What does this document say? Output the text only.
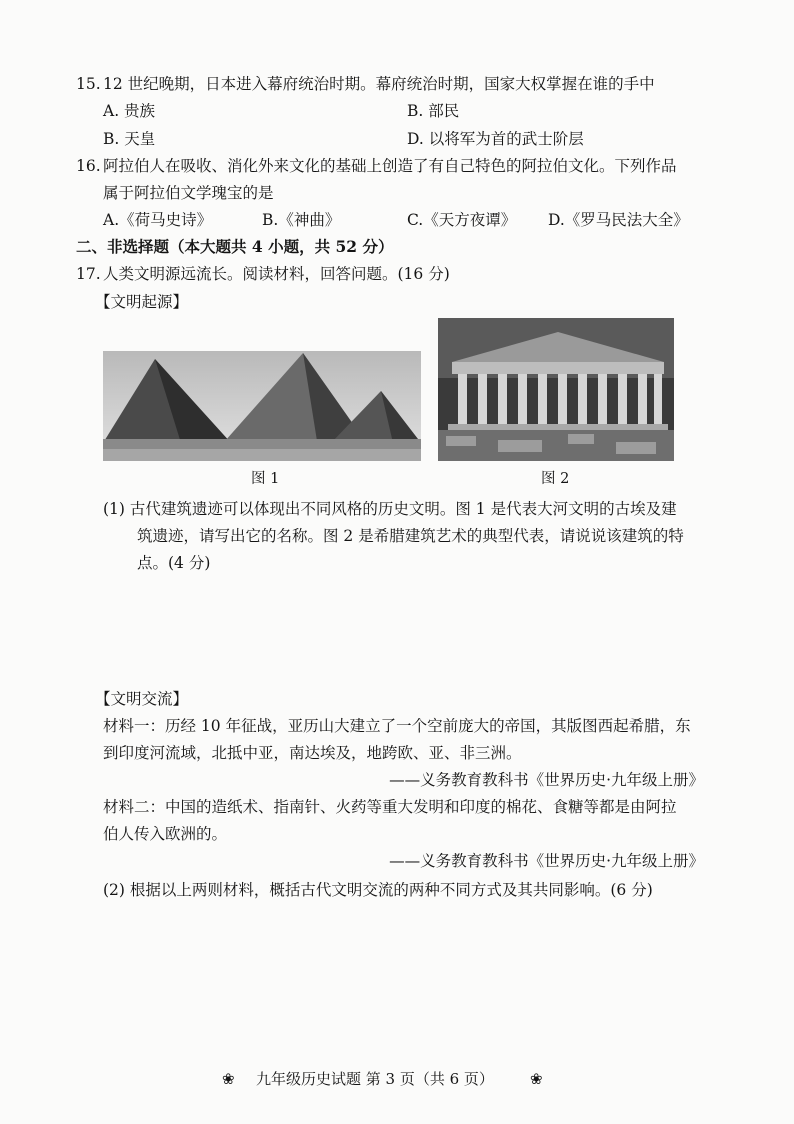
15. 12 世纪晚期，日本进入幕府统治时期。幕府统治时期，国家大权掌握在谁的手中
A. 贵族	B. 部民
B. 天皇	D. 以将军为首的武士阶层
16. 阿拉伯人在吸收、消化外来文化的基础上创造了有自己特色的阿拉伯文化。下列作品
属于阿拉伯文学瑰宝的是
A.《荷马史诗》	B.《神曲》	C.《天方夜谭》 D.《罗马民法大全》
二、非选择题（本大题共 4 小题，共 52 分）
17. 人类文明源远流长。阅读材料，回答问题。(16 分)
【文明起源】
图 1	图 2
(1) 古代建筑遗迹可以体现出不同风格的历史文明。图 1 是代表大河文明的古埃及建
筑遗迹，请写出它的名称。图 2 是希腊建筑艺术的典型代表，请说说该建筑的特
点。(4 分)
【文明交流】
材料一：历经 10 年征战，亚历山大建立了一个空前庞大的帝国，其版图西起希腊，东
到印度河流域，北抵中亚，南达埃及，地跨欧、亚、非三洲。
——义务教育教科书《世界历史·九年级上册》
材料二：中国的造纸术、指南针、火药等重大发明和印度的棉花、食糖等都是由阿拉
伯人传入欧洲的。
——义务教育教科书《世界历史·九年级上册》
(2) 根据以上两则材料，概括古代文明交流的两种不同方式及其共同影响。(6 分)
❀ 九年级历史试题 第 3 页（共 6 页） ❀
